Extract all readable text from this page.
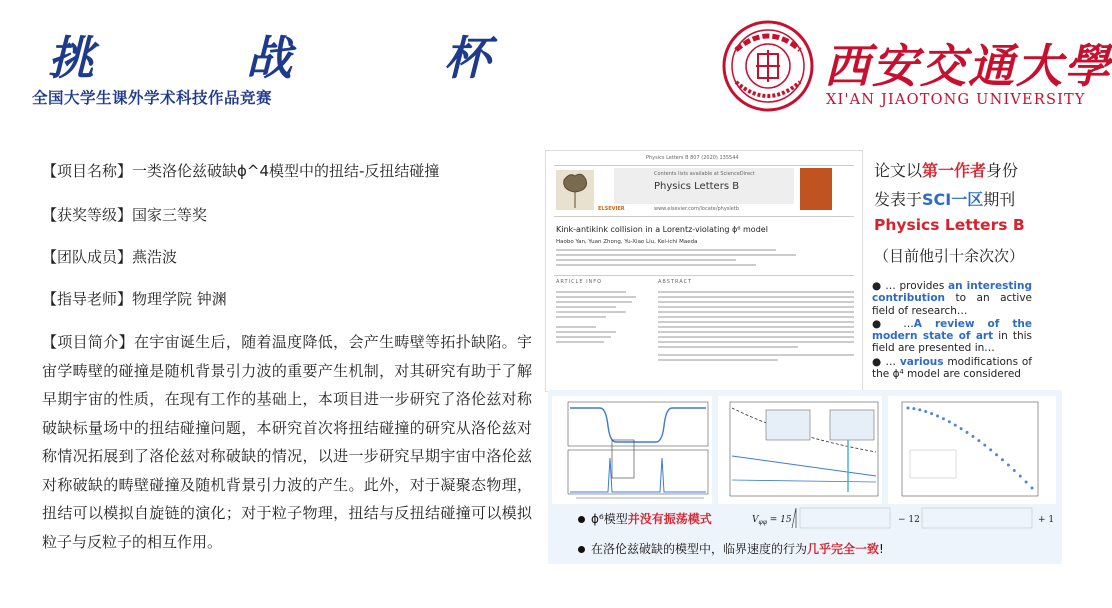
挑 战 杯
全国大学生课外学术科技作品竞赛
西安交通大學
XI'AN JIAOTONG UNIVERSITY
【项目名称】一类洛伦兹破缺ϕ^4模型中的扭结-反扭结碰撞
【获奖等级】国家三等奖
【团队成员】燕浩波
【指导老师】物理学院 钟渊
【项目简介】在宇宙诞生后，随着温度降低，会产生畴壁等拓扑缺陷。宇宙学畴壁的碰撞是随机背景引力波的重要产生机制，对其研究有助于了解早期宇宙的性质，在现有工作的基础上，本项目进一步研究了洛伦兹对称破缺标量场中的扭结碰撞问题，本研究首次将扭结碰撞的研究从洛伦兹对称情况拓展到了洛伦兹对称破缺的情况，以进一步研究早期宇宙中洛伦兹对称破缺的畴壁碰撞及随机背景引力波的产生。此外，对于凝聚态物理，扭结可以模拟自旋链的演化；对于粒子物理，扭结与反扭结碰撞可以模拟粒子与反粒子的相互作用。
Physics Letters B 807 (2020) 135544
ELSEVIER
Contents lists available at ScienceDirect
Physics Letters B
www.elsevier.com/locate/physletb
Kink-antikink collision in a Lorentz-violating ϕ⁶ model
Haobo Yan, Yuan Zhong, Yu-Xiao Liu, Kei-ichi Maeda
ARTICLE INFO	ABSTRACT
论文以第一作者身份
发表于SCI一区期刊
Physics Letters B
（目前他引十余次次）
● … provides an interesting contribution to an active field of research…
● …A review of the modern state of art in this field are presented in…
● … various modifications of the ϕ⁴ model are considered
ϕ⁶模型并没有振荡模式
在洛伦兹破缺的模型中，临界速度的行为几乎完全一致!
$V_{\varphi\varphi} = 15$	− 12	+ 1
